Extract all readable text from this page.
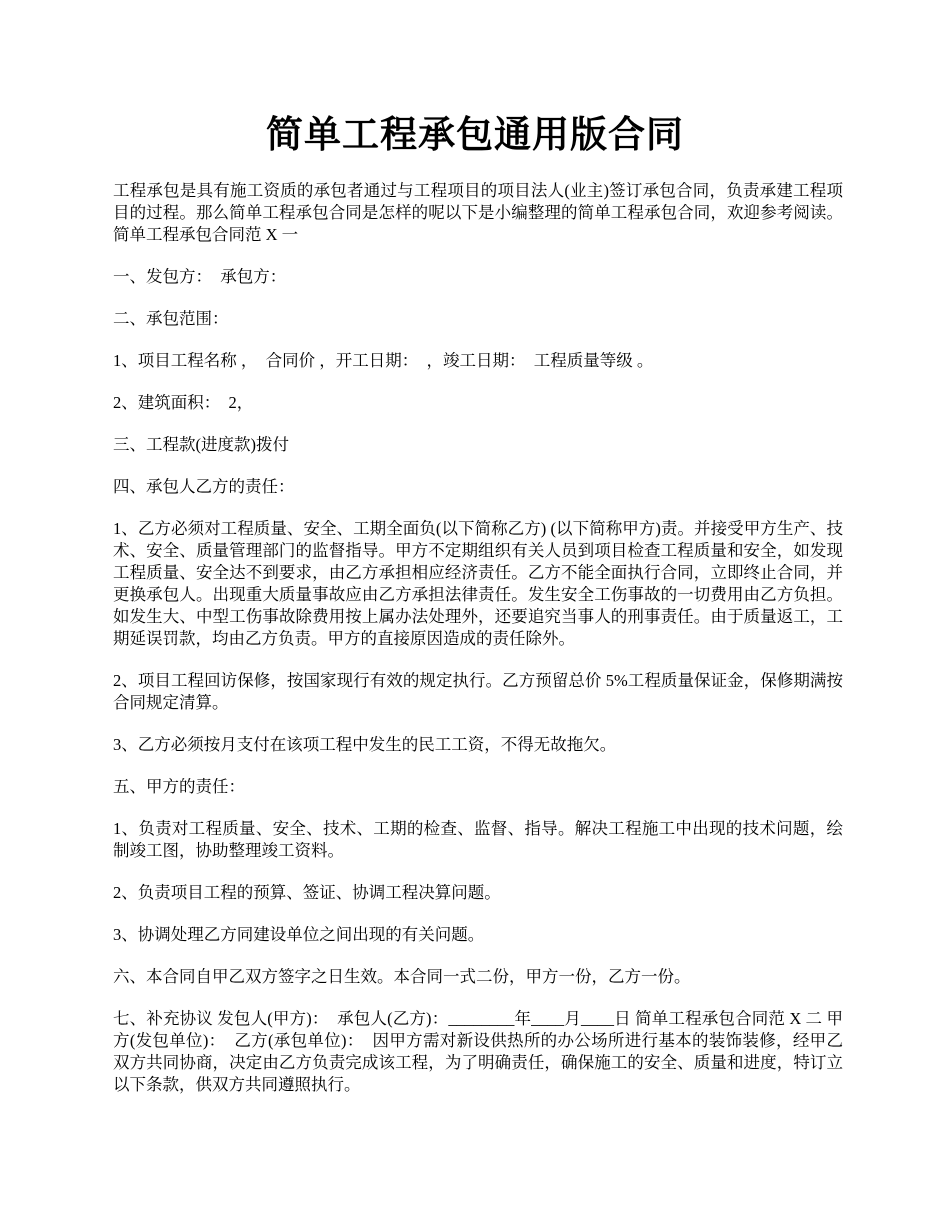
简单工程承包通用版合同

工程承包是具有施工资质的承包者通过与工程项目的项目法人(业主)签订承包合同，负责承建工程项目的过程。那么简单工程承包合同是怎样的呢以下是小编整理的简单工程承包合同，欢迎参考阅读。 简单工程承包合同范 X 一

一、发包方：  承包方：

二、承包范围：

1、项目工程名称 ，  合同价 ，开工日期：  ，竣工日期：  工程质量等级 。

2、建筑面积：  2，

三、工程款(进度款)拨付

四、承包人乙方的责任：

1、乙方必须对工程质量、安全、工期全面负(以下简称乙方) (以下简称甲方)责。并接受甲方生产、技术、安全、质量管理部门的监督指导。甲方不定期组织有关人员到项目检查工程质量和安全，如发现工程质量、安全达不到要求，由乙方承担相应经济责任。乙方不能全面执行合同，立即终止合同，并更换承包人。出现重大质量事故应由乙方承担法律责任。发生安全工伤事故的一切费用由乙方负担。如发生大、中型工伤事故除费用按上属办法处理外，还要追究当事人的刑事责任。由于质量返工，工期延误罚款，均由乙方负责。甲方的直接原因造成的责任除外。

2、项目工程回访保修，按国家现行有效的规定执行。乙方预留总价 5%工程质量保证金，保修期满按合同规定清算。

3、乙方必须按月支付在该项工程中发生的民工工资，不得无故拖欠。

五、甲方的责任：

1、负责对工程质量、安全、技术、工期的检查、监督、指导。解决工程施工中出现的技术问题，绘制竣工图，协助整理竣工资料。

2、负责项目工程的预算、签证、协调工程决算问题。

3、协调处理乙方同建设单位之间出现的有关问题。

六、本合同自甲乙双方签字之日生效。本合同一式二份，甲方一份，乙方一份。

七、补充协议 发包人(甲方)：  承包人(乙方)：________年____月____日 简单工程承包合同范 X 二 甲方(发包单位)：  乙方(承包单位)：  因甲方需对新设供热所的办公场所进行基本的装饰装修，经甲乙双方共同协商，决定由乙方负责完成该工程，为了明确责任，确保施工的安全、质量和进度，特订立以下条款，供双方共同遵照执行。
